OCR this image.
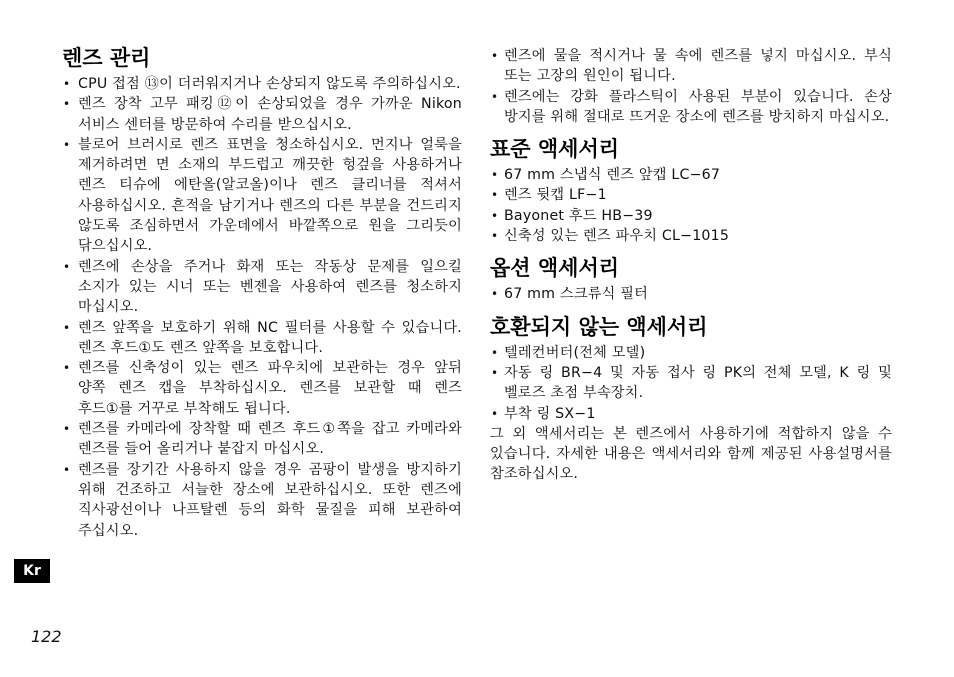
렌즈 관리
• CPU 접점 ⑬이 더러워지거나 손상되지 않도록 주의하십시오.
• 렌즈 장착 고무 패킹⑫이 손상되었을 경우 가까운 Nikon 서비스 센터를 방문하여 수리를 받으십시오.
• 블로어 브러시로 렌즈 표면을 청소하십시오. 먼지나 얼룩을 제거하려면 면 소재의 부드럽고 깨끗한 헝겊을 사용하거나 렌즈 티슈에 에탄올(알코올)이나 렌즈 클리너를 적셔서 사용하십시오. 흔적을 남기거나 렌즈의 다른 부분을 건드리지 않도록 조심하면서 가운데에서 바깥쪽으로 원을 그리듯이 닦으십시오.
• 렌즈에 손상을 주거나 화재 또는 작동상 문제를 일으킬 소지가 있는 시너 또는 벤젠을 사용하여 렌즈를 청소하지 마십시오.
• 렌즈 앞쪽을 보호하기 위해 NC 필터를 사용할 수 있습니다. 렌즈 후드①도 렌즈 앞쪽을 보호합니다.
• 렌즈를 신축성이 있는 렌즈 파우치에 보관하는 경우 앞뒤 양쪽 렌즈 캡을 부착하십시오. 렌즈를 보관할 때 렌즈 후드①를 거꾸로 부착해도 됩니다.
• 렌즈를 카메라에 장착할 때 렌즈 후드①쪽을 잡고 카메라와 렌즈를 들어 올리거나 붙잡지 마십시오.
• 렌즈를 장기간 사용하지 않을 경우 곰팡이 발생을 방지하기 위해 건조하고 서늘한 장소에 보관하십시오. 또한 렌즈에 직사광선이나 나프탈렌 등의 화학 물질을 피해 보관하여 주십시오.
• 렌즈에 물을 적시거나 물 속에 렌즈를 넣지 마십시오. 부식 또는 고장의 원인이 됩니다.
• 렌즈에는 강화 플라스틱이 사용된 부분이 있습니다. 손상 방지를 위해 절대로 뜨거운 장소에 렌즈를 방치하지 마십시오.
표준 액세서리
• 67 mm 스냅식 렌즈 앞캡 LC−67
• 렌즈 뒷캡 LF−1
• Bayonet 후드 HB−39
• 신축성 있는 렌즈 파우치 CL−1015
옵션 액세서리
• 67 mm 스크류식 필터
호환되지 않는 액세서리
• 텔레컨버터(전체 모델)
• 자동 링 BR−4 및 자동 접사 링 PK의 전체 모델, K 링 및 벨로즈 초점 부속장치.
• 부착 링 SX−1

그 외 액세서리는 본 렌즈에서 사용하기에 적합하지 않을 수 있습니다. 자세한 내용은 액세서리와 함께 제공된 사용설명서를 참조하십시오.

Kr
122
